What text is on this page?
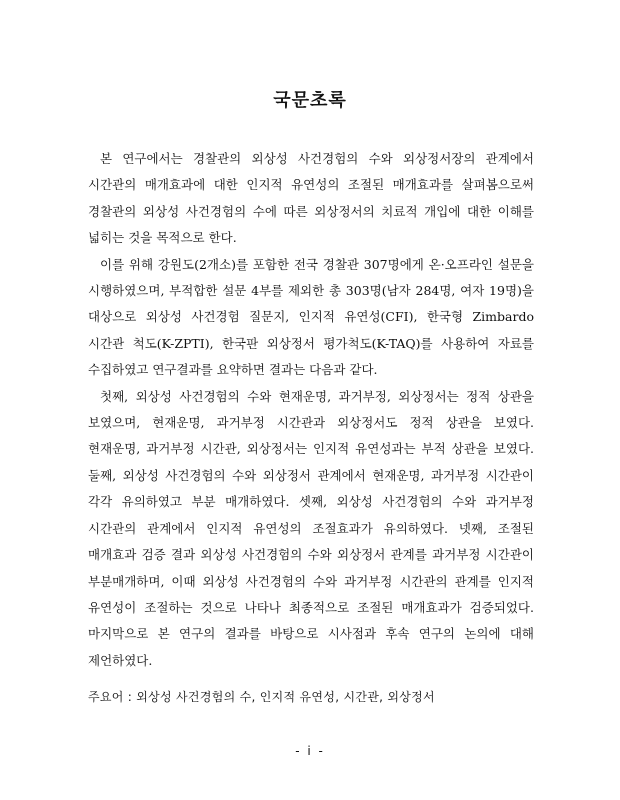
국문초록

본 연구에서는 경찰관의 외상성 사건경험의 수와 외상정서장의 관계에서 시간관의 매개효과에 대한 인지적 유연성의 조절된 매개효과를 살펴봄으로써 경찰관의 외상성 사건경험의 수에 따른 외상정서의 치료적 개입에 대한 이해를 넓히는 것을 목적으로 한다.

이를 위해 강원도(2개소)를 포함한 전국 경찰관 307명에게 온·오프라인 설문을 시행하였으며, 부적합한 설문 4부를 제외한 총 303명(남자 284명, 여자 19명)을 대상으로 외상성 사건경험 질문지, 인지적 유연성(CFI), 한국형 Zimbardo 시간관 척도(K-ZPTI), 한국판 외상정서 평가척도(K-TAQ)를 사용하여 자료를 수집하였고 연구결과를 요약하면 결과는 다음과 같다.

첫째, 외상성 사건경험의 수와 현재운명, 과거부정, 외상정서는 정적 상관을 보였으며, 현재운명, 과거부정 시간관과 외상정서도 정적 상관을 보였다. 현재운명, 과거부정 시간관, 외상정서는 인지적 유연성과는 부적 상관을 보였다. 둘째, 외상성 사건경험의 수와 외상정서 관계에서 현재운명, 과거부정 시간관이 각각 유의하였고 부분 매개하였다. 셋째, 외상성 사건경험의 수와 과거부정 시간관의 관계에서 인지적 유연성의 조절효과가 유의하였다. 넷째, 조절된 매개효과 검증 결과 외상성 사건경험의 수와 외상정서 관계를 과거부정 시간관이 부분매개하며, 이때 외상성 사건경험의 수와 과거부정 시간관의 관계를 인지적 유연성이 조절하는 것으로 나타나 최종적으로 조절된 매개효과가 검증되었다. 마지막으로 본 연구의 결과를 바탕으로 시사점과 후속 연구의 논의에 대해 제언하였다.

주요어 : 외상성 사건경험의 수 , 인지적 유연성 , 시간관 , 외상정서
- i -
